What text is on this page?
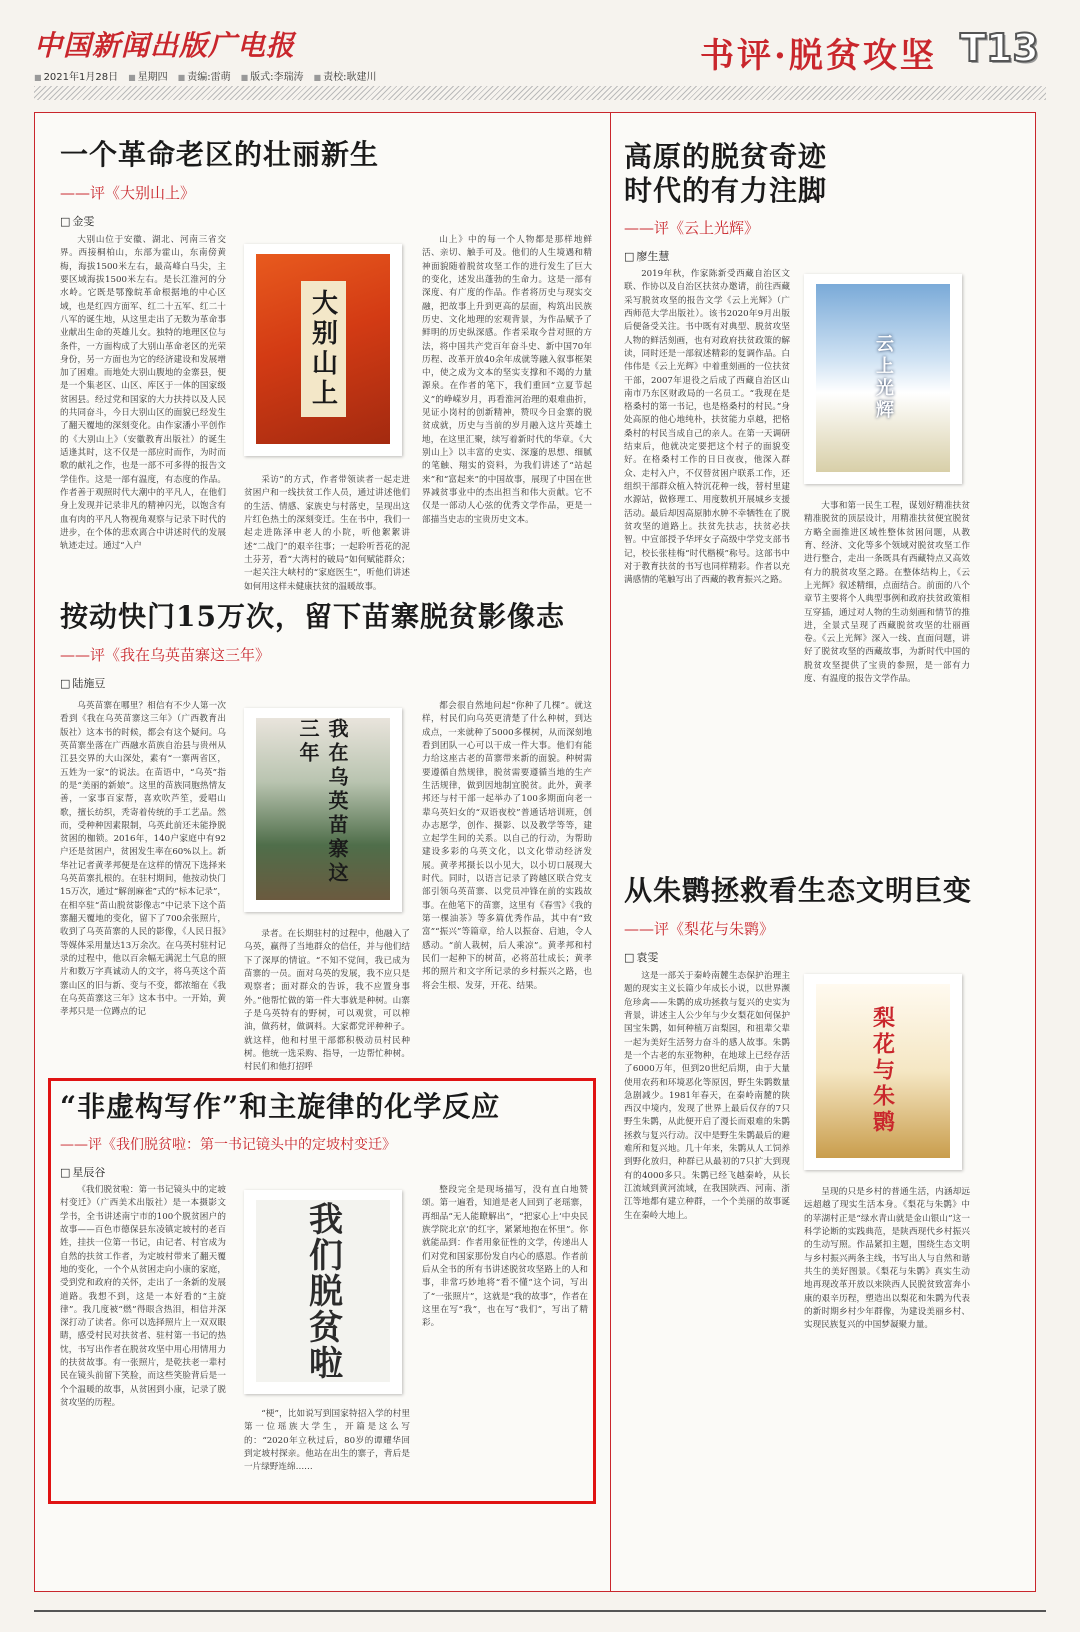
中国新闻出版广电报	书评·脱贫攻坚 T13
■ 2021年1月28日	■ 星期四	■ 责编:雷萌	■ 版式:李瑞涛	■ 责校:耿建川
一个革命老区的壮丽新生
—— 评《大别山上》
□ 金雯

大别山位于安徽、湖北、河南三省交界。西接桐柏山，东部为霍山，东南傍黄梅，海拔1500米左右，最高峰白马尖，主要区域海拔1500米左右。是长江淮河的分水岭。它既是鄂豫皖革命根据地的中心区域，也是红四方面军、红二十五军、红二十八军的诞生地，从这里走出了无数为革命事业献出生命的英雄儿女。独特的地理区位与条件，一方面构成了大别山革命老区的光荣身份，另一方面也为它的经济建设和发展增加了困难。而地处大别山腹地的金寨县，便是一个集老区、山区、库区于一体的国家级贫困县。经过党和国家的大力扶持以及人民的共同奋斗，今日大别山区的面貌已经发生了翻天覆地的深刻变化。由作家潘小平创作的《大别山上》（安徽教育出版社）的诞生适逢其时，这不仅是一部应时而作，为时而歌的献礼之作，也是一部不可多得的报告文学佳作。这是一部有温度，有态度的作品。作者善于观照时代大潮中的平凡人，在他们身上发现并记录非凡的精神闪光，以饱含有血有肉的平凡人物视角观察与记录下时代的进步，在个体的悲欢离合中讲述时代的发展轨迹走过。通过“入户

大别山上

采访”的方式，作者带领读者一起走进贫困户和一线扶贫工作人员，通过讲述他们的生活、情感、家族史与村落史，呈现出这片红色热土的深刻变迁。生在书中，我们一起走进陈泽申老人的小院，听他絮絮讲述“二战门”的艰辛往事；一起聆听苔花的泥土芬芳，看“大湾村的破局”如何赋能群众；一起关注大峡村的“家庭医生”，听他们讲述如何用这样未健康扶贫的温暖故事。

山上》中的每一个人物都是那样地鲜活、亲切、触手可及。他们的人生境遇和精神面貌随着脱贫攻坚工作的进行发生了巨大的变化，述发出蓬勃的生命力。这是一部有深度、有广度的作品。作者将历史与现实交融，把故事上升到更高的层面，构筑出民族历史、文化地理的宏观背景，为作品赋予了鲜明的历史纵深感。作者采取今昔对照的方法，将中国共产党百年奋斗史、新中国70年历程、改革开放40余年成就等融入叙事框架中，使之成为文本的坚实支撑和不竭的力量源泉。在作者的笔下，我们重回“立夏节起义”的峥嵘岁月，再看淮河治理的艰难曲折，见证小岗村的创新精神，赞叹今日金寨的脱贫成就，历史与当前的岁月融入这片英雄土地，在这里汇聚，续写着新时代的华章。《大别山上》以丰富的史实、深邃的思想、细腻的笔触、翔实的资料，为我们讲述了“站起来”和“富起来”的中国故事，展现了中国在世界减贫事业中的杰出担当和伟大贡献。它不仅是一部动人心弦的优秀文学作品，更是一部描当史志的宝贵历史文本。

按动快门15万次，留下苗寨脱贫影像志
—— 评《我在乌英苗寨这三年》
□ 陆施豆

乌英苗寨在哪里？相信有不少人第一次看到《我在乌英苗寨这三年》（广西教育出版社）这本书的时候，都会有这个疑问。乌英苗寨坐落在广西融水苗族自治县与贵州从江县交界的大山深处，素有“一寨两省区，五姓为一家”的说法。在苗语中，“乌英”指的是“美丽的新娘”。这里的苗族同胞热情友善，一家事百家帮，喜欢吹芦笙，爱唱山歌，擅长纺织，秃寄着传统的手工艺品。然而，受种种因素限制，乌英此前还未能挣脱贫困的枷锁。2016年，140户家庭中有92户还是贫困户，贫困发生率在60%以上。新华社记者黄孝邦便是在这样的情况下选择来乌英苗寨扎根的。在驻村期间，他按动快门15万次，通过“解剖麻雀”式的“标本记录”，在相卒驻“苗山脱贫影像志”中记录下这个苗寨翻天覆地的变化，留下了700余张照片，收到了乌英苗寨的人民的影像，《人民日报》等媒体采用量达13万余次。在乌英村驻村记录的过程中，他以百余幅无满泥土气息的照片和数万字真诚动人的文字，将乌英这个苗寨山区的旧与新、变与不变，都浓缩在《我在乌英苗寨这三年》这本书中。一开始，黄孝邦只是一位蹲点的记

我在乌英苗寨这三年

录者。在长期驻村的过程中，他融入了乌英，赢得了当地群众的信任，并与他们结下了深厚的情谊。“不知不觉间，我已成为苗寨的一员。面对乌英的发展，我不应只是观察者；面对群众的告诉，我不应置身事外。”他帮忙做的第一件大事就是种树。山寨子是乌英特有的野树，可以观赏，可以榨油，做药材，做调料。大家都党评种种子。就这样，他和村里干部都积极动员村民种树。他统一选采购、指导，一边帮忙种树。村民们和他打招呼

都会很自然地问起“你种了几棵”。就这样，村民们向乌英更清楚了什么种树，到达成点，一来就种了5000多棵树，从而深刻地看到团队一心可以干成一件大事。他们有能力给这座古老的苗寨带来新的面貌。种树需要遵循自然规律，脱贫需要遵循当地的生产生活规律，做到因地制宜脱贫。此外，黄孝邦还与村干部一起举办了100多期面向老一辈乌英妇女的“双语夜校”普通话培训班，创办志愿学，创作、摄影、以及教学等等，建立起学生间的关系。以自己的行动，为帮助建设多彩的乌英文化，以文化带动经济发展。黄孝邦摄长以小见大，以小切口展现大时代。同时，以语言记录了跨越区联合党支部引领乌英苗寨、以党员冲锋在前的实践故事。在他笔下的苗寨，这里有《春雪》《我的第一棵油茶》等多篇优秀作品，其中有“致富”“振兴”等篇章，给人以振奋、启迪，令人感动。“前人栽树，后人乘凉”。黄孝邦和村民们一起种下的树苗，必将茁壮成长；黄孝邦的照片和文字所记录的乡村振兴之路，也将会生根、发芽，开花、结果。

“非虚构写作”和主旋律的化学反应
—— 评《我们脱贫啦：第一书记镜头中的定坡村变迁》
□ 星辰谷

《我们脱贫啦：第一书记镜头中的定坡村变迁》（广西美术出版社）是一本摄影文学书，全书讲述南宁市的100个脱贫困户的故事——百色市德保县东凌镇定坡村的老百姓，挂扶一位第一书记，由记者、村官成为自然的扶贫工作者，为定坡村带来了翻天覆地的变化，一个个从贫困走向小康的家庭，受到党和政府的关怀，走出了一条新的发展道路。我想不到，这是一本好看的“主旋律”。我几度被“燃”得眼含热泪，相信并深深打动了读者。你可以选择照片上一双双眼睛，感受村民对扶贫者、驻村第一书记的热忱，书写出作者在脱贫攻坚中用心用情用力的扶贫故事。有一张照片，是乾扶老一辈村民在镜头前留下笑脸，而这些笑脸背后是一个个温暖的故事，从贫困到小康，记录了脱贫攻坚的历程。

我们脱贫啦

“梗”，比如说写到国家特招入学的村里第一位瑶族大学生，开篇是这么写的：“2020年立秋过后，80岁的谭耀华回到定坡村探亲。他站在出生的寨子，背后是一片绿野连绵……

整段完全是现场描写，没有直白地赞颂。第一遍看，知道是老人回到了老瑶寨，再细品“无人能瞭解出”，“把家心上‘中央民族学院北京’的红字，紧紧地抱在怀里”。你就能品到：作者用象征性的文学，传递出人们对党和国家那份发自内心的感恩。作者前后从全书的所有书讲述脱贫攻坚路上的人和事，非常巧妙地将“看不懂”这个词，写出了“一张照片”，这就是“我的故事”，作者在这里在写“我”，也在写“我们”，写出了精彩。

高原的脱贫奇迹 时代的有力注脚
—— 评《云上光辉》
□ 廖生慧

2019年秋，作家陈新受西藏自治区文联、作协以及自治区扶贫办邀请，前往西藏采写脱贫攻坚的报告文学《云上光辉》（广西师范大学出版社）。该书2020年9月出版后便备受关注。书中既有对典型、脱贫攻坚人物的鲜活刻画，也有对政府扶贫政策的解读，同时还是一部叙述精彩的复调作品。白伟伟是《云上光辉》中着重刻画的一位扶贫干部，2007年退役之后成了西藏自治区山南市乃东区财政局的一名员工。“我现在是格桑村的第一书记，也是格桑村的村民。”身处高原的他心地纯朴，扶贫能力卓越，把格桑村的村民当成自己的亲人。在第一天调研结束后，他就决定要把这个村子的面貌变好。在格桑村工作的日日夜夜，他深入群众、走村入户，不仅替贫困户联系工作，还组织干部群众植入特沉花种一线，替村里建水源站，做修理工、用度数机开展城乡支援活动。最后却因高原肺水肿不幸牺牲在了脱贫攻坚的道路上。扶贫先扶志，扶贫必扶智。中宣部授予华坪女子高级中学党支部书记，校长张桂梅“时代楷模”称号。这部书中对于教育扶贫的书写也同样精彩。作者以充满感情的笔触写出了西藏的教育振兴之路。

云上光辉

大事和第一民生工程，谋划好精准扶贫精准脱贫的顶层设计，用精准扶贫便宜脱贫方略全面推进区域性整体贫困问题，从教育、经济、文化等多个领域对脱贫攻坚工作进行整合，走出一条既具有西藏特点又高效有力的脱贫攻坚之路。在整体结构上，《云上光辉》叙述精细，点面结合。前面的八个章节主要将个人典型事例和政府扶贫政策相互穿插，通过对人物的生动刻画和情节的推进，全景式呈现了西藏脱贫攻坚的壮丽画卷。《云上光辉》深入一线、直面问题，讲好了脱贫攻坚的西藏故事，为新时代中国的脱贫攻坚提供了宝贵的参照，是一部有力度、有温度的报告文学作品。

从朱鹮拯救看生态文明巨变
—— 评《梨花与朱鹮》
□ 袁雯

这是一部关于秦岭南麓生态保护治理主题的现实主义长篇少年成长小说，以世界濒危珍禽——朱鹮的成功拯救与复兴的史实为背景，讲述主人公少年与少女梨花如何保护国宝朱鹮，如何种植万亩梨园，和祖辈父辈一起为美好生活努力奋斗的感人故事。朱鹮是一个古老的东亚物种，在地球上已经存活了6000万年，但到20世纪后期，由于大量使用农药和环境恶化等原因，野生朱鹮数量急剧减少。1981年春天，在秦岭南麓的陕西汉中境内，发现了世界上最后仅存的7只野生朱鹮，从此便开启了漫长而艰难的朱鹮拯救与复兴行动。汉中是野生朱鹮最后的避难所和复兴地。几十年来，朱鹮从人工饲养到野化放归，种群已从最初的7只扩大到现有的4000多只。朱鹮已经飞越秦岭，从长江流域到黄河流域，在我国陕西、河南、浙江等地都有建立种群，一个个美丽的故事诞生在秦岭大地上。

梨花与朱鹮

呈现的只是乡村的普通生活，内涵却远远超越了现实生活本身。《梨花与朱鹮》中的苹湖村正是“绿水青山就是金山银山”这一科学论断的实践典范，是陕西现代乡村振兴的生动写照。作品紧扣主题，围绕生态文明与乡村振兴两条主线，书写出人与自然和谐共生的美好图景。《梨花与朱鹮》真实生动地再现改革开放以来陕西人民脱贫致富奔小康的艰辛历程，塑造出以梨花和朱鹮为代表的新时期乡村少年群像，为建设美丽乡村、实现民族复兴的中国梦凝聚力量。
